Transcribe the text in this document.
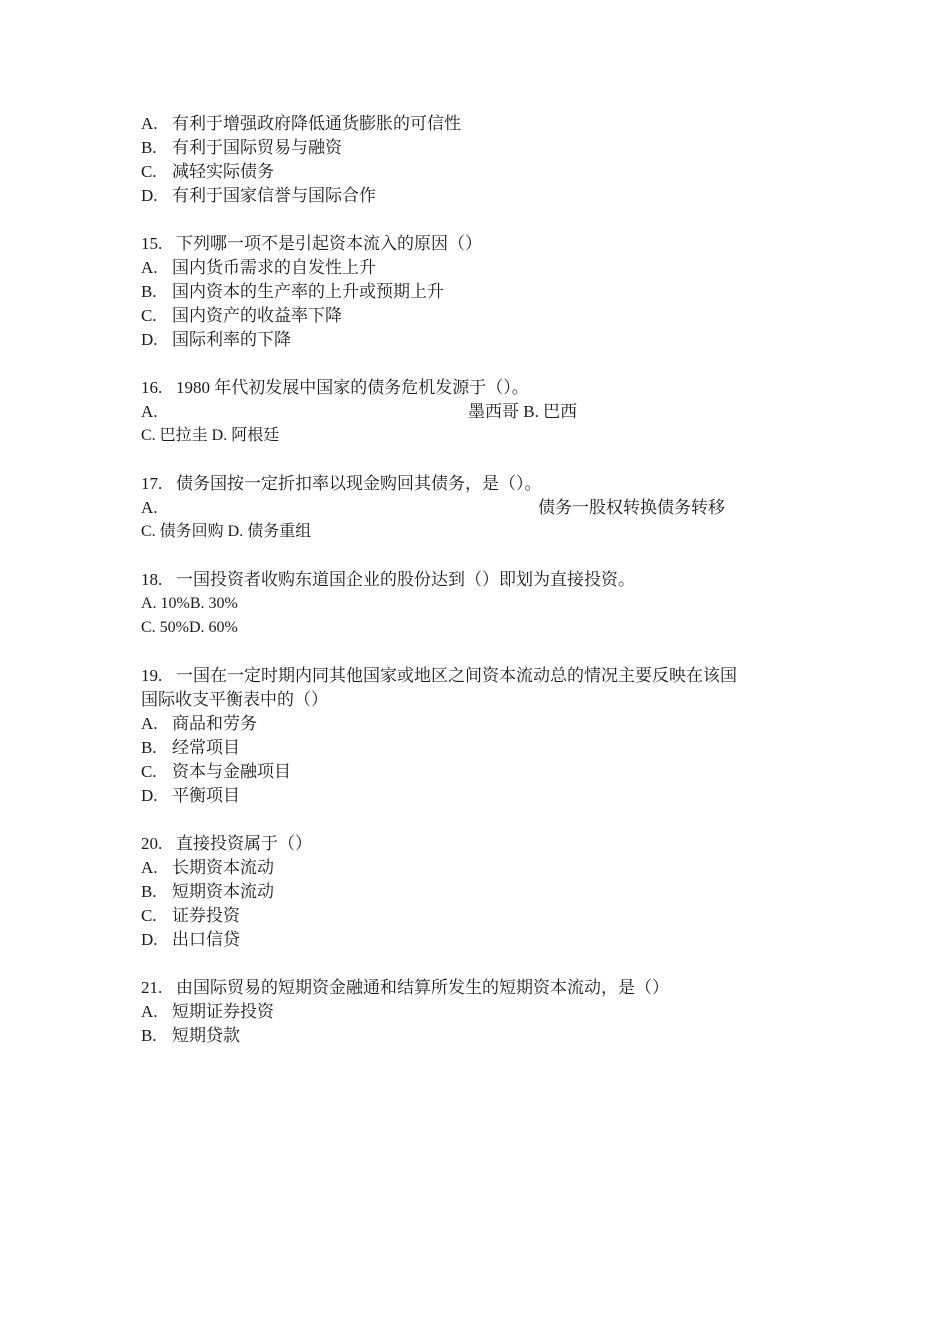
A. 有利于增强政府降低通货膨胀的可信性
B. 有利于国际贸易与融资
C. 减轻实际债务
D. 有利于国家信誉与国际合作
15. 下列哪一项不是引起资本流入的原因（）
A. 国内货币需求的自发性上升
B. 国内资本的生产率的上升或预期上升
C. 国内资产的收益率下降
D. 国际利率的下降
16. 1980 年代初发展中国家的债务危机发源于（）。
A.	墨西哥 B. 巴西
C. 巴拉圭 D. 阿根廷
17. 债务国按一定折扣率以现金购回其债务，是（）。
A.	债务一股权转换债务转移
C. 债务回购 D. 债务重组
18. 一国投资者收购东道国企业的股份达到（）即划为直接投资。
A. 10%B. 30%
C. 50%D. 60%
19. 一国在一定时期内同其他国家或地区之间资本流动总的情况主要反映在该国
国际收支平衡表中的（）
A. 商品和劳务
B. 经常项目
C. 资本与金融项目
D. 平衡项目
20. 直接投资属于（）
A. 长期资本流动
B. 短期资本流动
C. 证券投资
D. 出口信贷
21. 由国际贸易的短期资金融通和结算所发生的短期资本流动，是（）
A. 短期证券投资
B. 短期贷款
